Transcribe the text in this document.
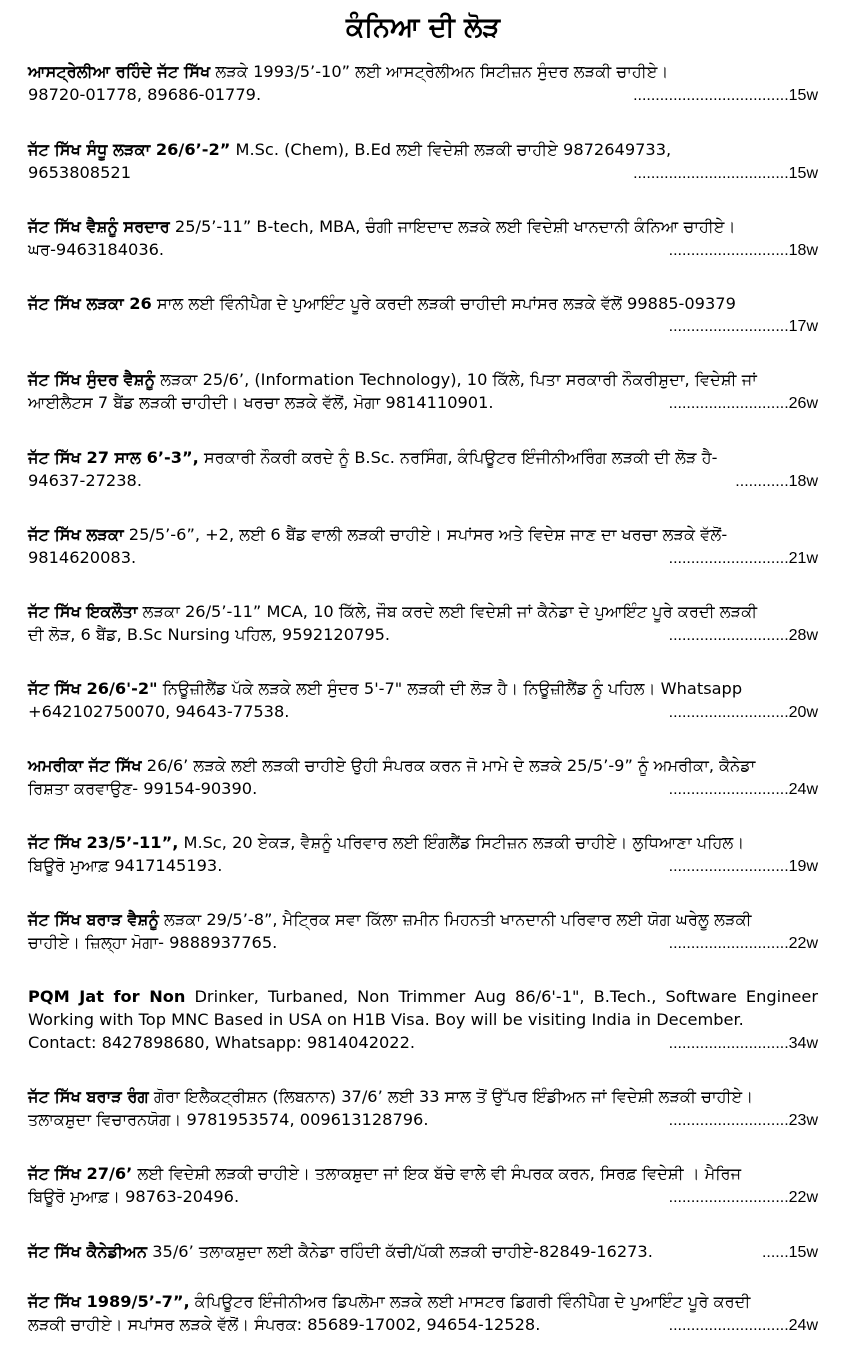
ਕੰਨਿਆ ਦੀ ਲੋੜ
ਆਸਟ੍ਰੇਲੀਆ ਰਹਿੰਦੇ ਜੱਟ ਸਿੱਖ ਲੜਕੇ 1993/5’-10” ਲਈ ਆਸਟ੍ਰੇਲੀਅਨ ਸਿਟੀਜ਼ਨ ਸੁੰਦਰ ਲੜਕੀ ਚਾਹੀਏ।
98720-01778, 89686-01779.	...................................15w
ਜੱਟ ਸਿੱਖ ਸੰਧੂ ਲੜਕਾ 26/6’-2” M.Sc. (Chem), B.Ed ਲਈ ਵਿਦੇਸ਼ੀ ਲੜਕੀ ਚਾਹੀਏ 9872649733,
9653808521	...................................15w
ਜੱਟ ਸਿੱਖ ਵੈਸ਼ਨੂੰ ਸਰਦਾਰ 25/5’-11” B-tech, MBA, ਚੰਗੀ ਜਾਇਦਾਦ ਲੜਕੇ ਲਈ ਵਿਦੇਸ਼ੀ ਖਾਨਦਾਨੀ ਕੰਨਿਆ ਚਾਹੀਏ।
ਘਰ-9463184036.	...........................18w
ਜੱਟ ਸਿੱਖ ਲੜਕਾ 26 ਸਾਲ ਲਈ ਵਿੰਨੀਪੈਗ ਦੇ ਪੁਆਇੰਟ ਪੂਰੇ ਕਰਦੀ ਲੜਕੀ ਚਾਹੀਦੀ ਸਪਾਂਸਰ ਲੜਕੇ ਵੱਲੋਂ 99885-09379
...........................17w
ਜੱਟ ਸਿੱਖ ਸੁੰਦਰ ਵੈਸ਼ਨੂੰ ਲੜਕਾ 25/6’, (Information Technology), 10 ਕਿੱਲੇ, ਪਿਤਾ ਸਰਕਾਰੀ ਨੌਕਰੀਸ਼ੁਦਾ, ਵਿਦੇਸ਼ੀ ਜਾਂ
ਆਈਲੈਟਸ 7 ਬੈਂਡ ਲੜਕੀ ਚਾਹੀਦੀ। ਖਰਚਾ ਲੜਕੇ ਵੱਲੋਂ, ਮੋਗਾ 9814110901.	...........................26w
ਜੱਟ ਸਿੱਖ 27 ਸਾਲ 6’-3”, ਸਰਕਾਰੀ ਨੌਕਰੀ ਕਰਦੇ ਨੂੰ B.Sc. ਨਰਸਿੰਗ, ਕੰਪਿਊਟਰ ਇੰਜੀਨੀਅਰਿੰਗ ਲੜਕੀ ਦੀ ਲੋੜ ਹੈ-
94637-27238.	............18w
ਜੱਟ ਸਿੱਖ ਲੜਕਾ 25/5’-6”, +2, ਲਈ 6 ਬੈਂਡ ਵਾਲੀ ਲੜਕੀ ਚਾਹੀਏ। ਸਪਾਂਸਰ ਅਤੇ ਵਿਦੇਸ਼ ਜਾਣ ਦਾ ਖਰਚਾ ਲੜਕੇ ਵੱਲੋਂ-
9814620083.	...........................21w
ਜੱਟ ਸਿੱਖ ਇਕਲੌਤਾ ਲੜਕਾ 26/5’-11” MCA, 10 ਕਿੱਲੇ, ਜੌਬ ਕਰਦੇ ਲਈ ਵਿਦੇਸ਼ੀ ਜਾਂ ਕੈਨੇਡਾ ਦੇ ਪੁਆਇੰਟ ਪੂਰੇ ਕਰਦੀ ਲੜਕੀ
ਦੀ ਲੋੜ, 6 ਬੈਂਡ, B.Sc Nursing ਪਹਿਲ, 9592120795.	...........................28w
ਜੱਟ ਸਿੱਖ 26/6'-2" ਨਿਊਜ਼ੀਲੈਂਡ ਪੱਕੇ ਲੜਕੇ ਲਈ ਸੁੰਦਰ 5'-7" ਲੜਕੀ ਦੀ ਲੋੜ ਹੈ। ਨਿਊਜ਼ੀਲੈਂਡ ਨੂੰ ਪਹਿਲ। Whatsapp
+642102750070, 94643-77538.	...........................20w
ਅਮਰੀਕਾ ਜੱਟ ਸਿੱਖ 26/6’ ਲੜਕੇ ਲਈ ਲੜਕੀ ਚਾਹੀਏ ਉਹੀ ਸੰਪਰਕ ਕਰਨ ਜੋ ਮਾਮੇ ਦੇ ਲੜਕੇ 25/5’-9” ਨੂੰ ਅਮਰੀਕਾ, ਕੈਨੇਡਾ
ਰਿਸ਼ਤਾ ਕਰਵਾਉਣ- 99154-90390.	...........................24w
ਜੱਟ ਸਿੱਖ 23/5’-11”, M.Sc, 20 ਏਕੜ, ਵੈਸ਼ਨੂੰ ਪਰਿਵਾਰ ਲਈ ਇੰਗਲੈਂਡ ਸਿਟੀਜ਼ਨ ਲੜਕੀ ਚਾਹੀਏ। ਲੁਧਿਆਣਾ ਪਹਿਲ।
ਬਿਊਰੋ ਮੁਆਫ਼ 9417145193.	...........................19w
ਜੱਟ ਸਿੱਖ ਬਰਾੜ ਵੈਸ਼ਨੂੰ ਲੜਕਾ 29/5’-8”, ਮੈਟ੍ਰਿਕ ਸਵਾ ਕਿੱਲਾ ਜ਼ਮੀਨ ਮਿਹਨਤੀ ਖਾਨਦਾਨੀ ਪਰਿਵਾਰ ਲਈ ਯੋਗ ਘਰੇਲੂ ਲੜਕੀ
ਚਾਹੀਏ। ਜ਼ਿਲ੍ਹਾ ਮੋਗਾ- 9888937765.	...........................22w
PQM Jat for Non Drinker, Turbaned, Non Trimmer Aug 86/6'-1", B.Tech., Software Engineer Working with Top MNC Based in USA on H1B Visa. Boy will be visiting India in December.
Contact: 8427898680, Whatsapp: 9814042022.	...........................34w
ਜੱਟ ਸਿੱਖ ਬਰਾੜ ਰੰਗ ਗੋਰਾ ਇਲੈਕਟ੍ਰੀਸ਼ਨ (ਲਿਬਨਾਨ) 37/6’ ਲਈ 33 ਸਾਲ ਤੋਂ ਉੱਪਰ ਇੰਡੀਅਨ ਜਾਂ ਵਿਦੇਸ਼ੀ ਲੜਕੀ ਚਾਹੀਏ।
ਤਲਾਕਸ਼ੁਦਾ ਵਿਚਾਰਨਯੋਗ। 9781953574, 009613128796.	...........................23w
ਜੱਟ ਸਿੱਖ 27/6’ ਲਈ ਵਿਦੇਸ਼ੀ ਲੜਕੀ ਚਾਹੀਏ। ਤਲਾਕਸ਼ੁਦਾ ਜਾਂ ਇਕ ਬੱਚੇ ਵਾਲੇ ਵੀ ਸੰਪਰਕ ਕਰਨ, ਸਿਰਫ਼ ਵਿਦੇਸ਼ੀ । ਮੈਰਿਜ
ਬਿਊਰੋ ਮੁਆਫ਼। 98763-20496.	...........................22w
ਜੱਟ ਸਿੱਖ ਕੈਨੇਡੀਅਨ 35/6’ ਤਲਾਕਸ਼ੁਦਾ ਲਈ ਕੈਨੇਡਾ ਰਹਿੰਦੀ ਕੱਚੀ/ਪੱਕੀ ਲੜਕੀ ਚਾਹੀਏ-82849-16273.	......15w
ਜੱਟ ਸਿੱਖ 1989/5’-7”, ਕੰਪਿਊਟਰ ਇੰਜੀਨੀਅਰ ਡਿਪਲੋਮਾ ਲੜਕੇ ਲਈ ਮਾਸਟਰ ਡਿਗਰੀ ਵਿੰਨੀਪੈਗ ਦੇ ਪੁਆਇੰਟ ਪੂਰੇ ਕਰਦੀ
ਲੜਕੀ ਚਾਹੀਏ। ਸਪਾਂਸਰ ਲੜਕੇ ਵੱਲੋਂ। ਸੰਪਰਕ: 85689-17002, 94654-12528.	...........................24w
